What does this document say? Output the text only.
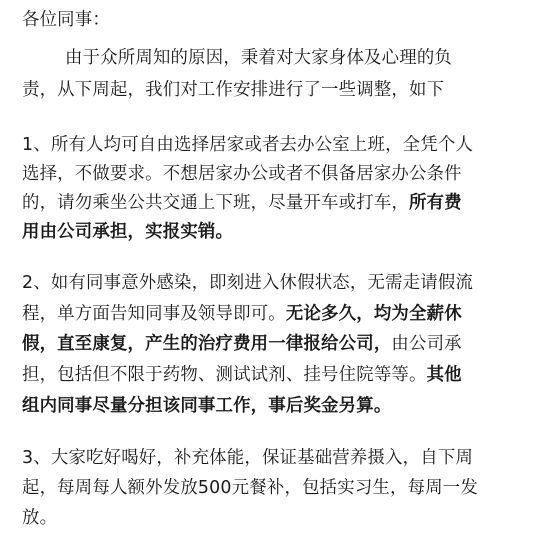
各位同事：
由于众所周知的原因，秉着对大家身体及心理的负
责，从下周起，我们对工作安排进行了一些调整，如下
1、所有人均可自由选择居家或者去办公室上班，全凭个人
选择，不做要求。不想居家办公或者不俱备居家办公条件
的，请勿乘坐公共交通上下班，尽量开车或打车，所有费
用由公司承担，实报实销。
2、如有同事意外感染，即刻进入休假状态，无需走请假流
程，单方面告知同事及领导即可。无论多久，均为全薪休
假，直至康复，产生的治疗费用一律报给公司，由公司承
担，包括但不限于药物、测试试剂、挂号住院等等。其他
组内同事尽量分担该同事工作，事后奖金另算。
3、大家吃好喝好，补充体能，保证基础营养摄入，自下周
起，每周每人额外发放500元餐补，包括实习生，每周一发
放。
